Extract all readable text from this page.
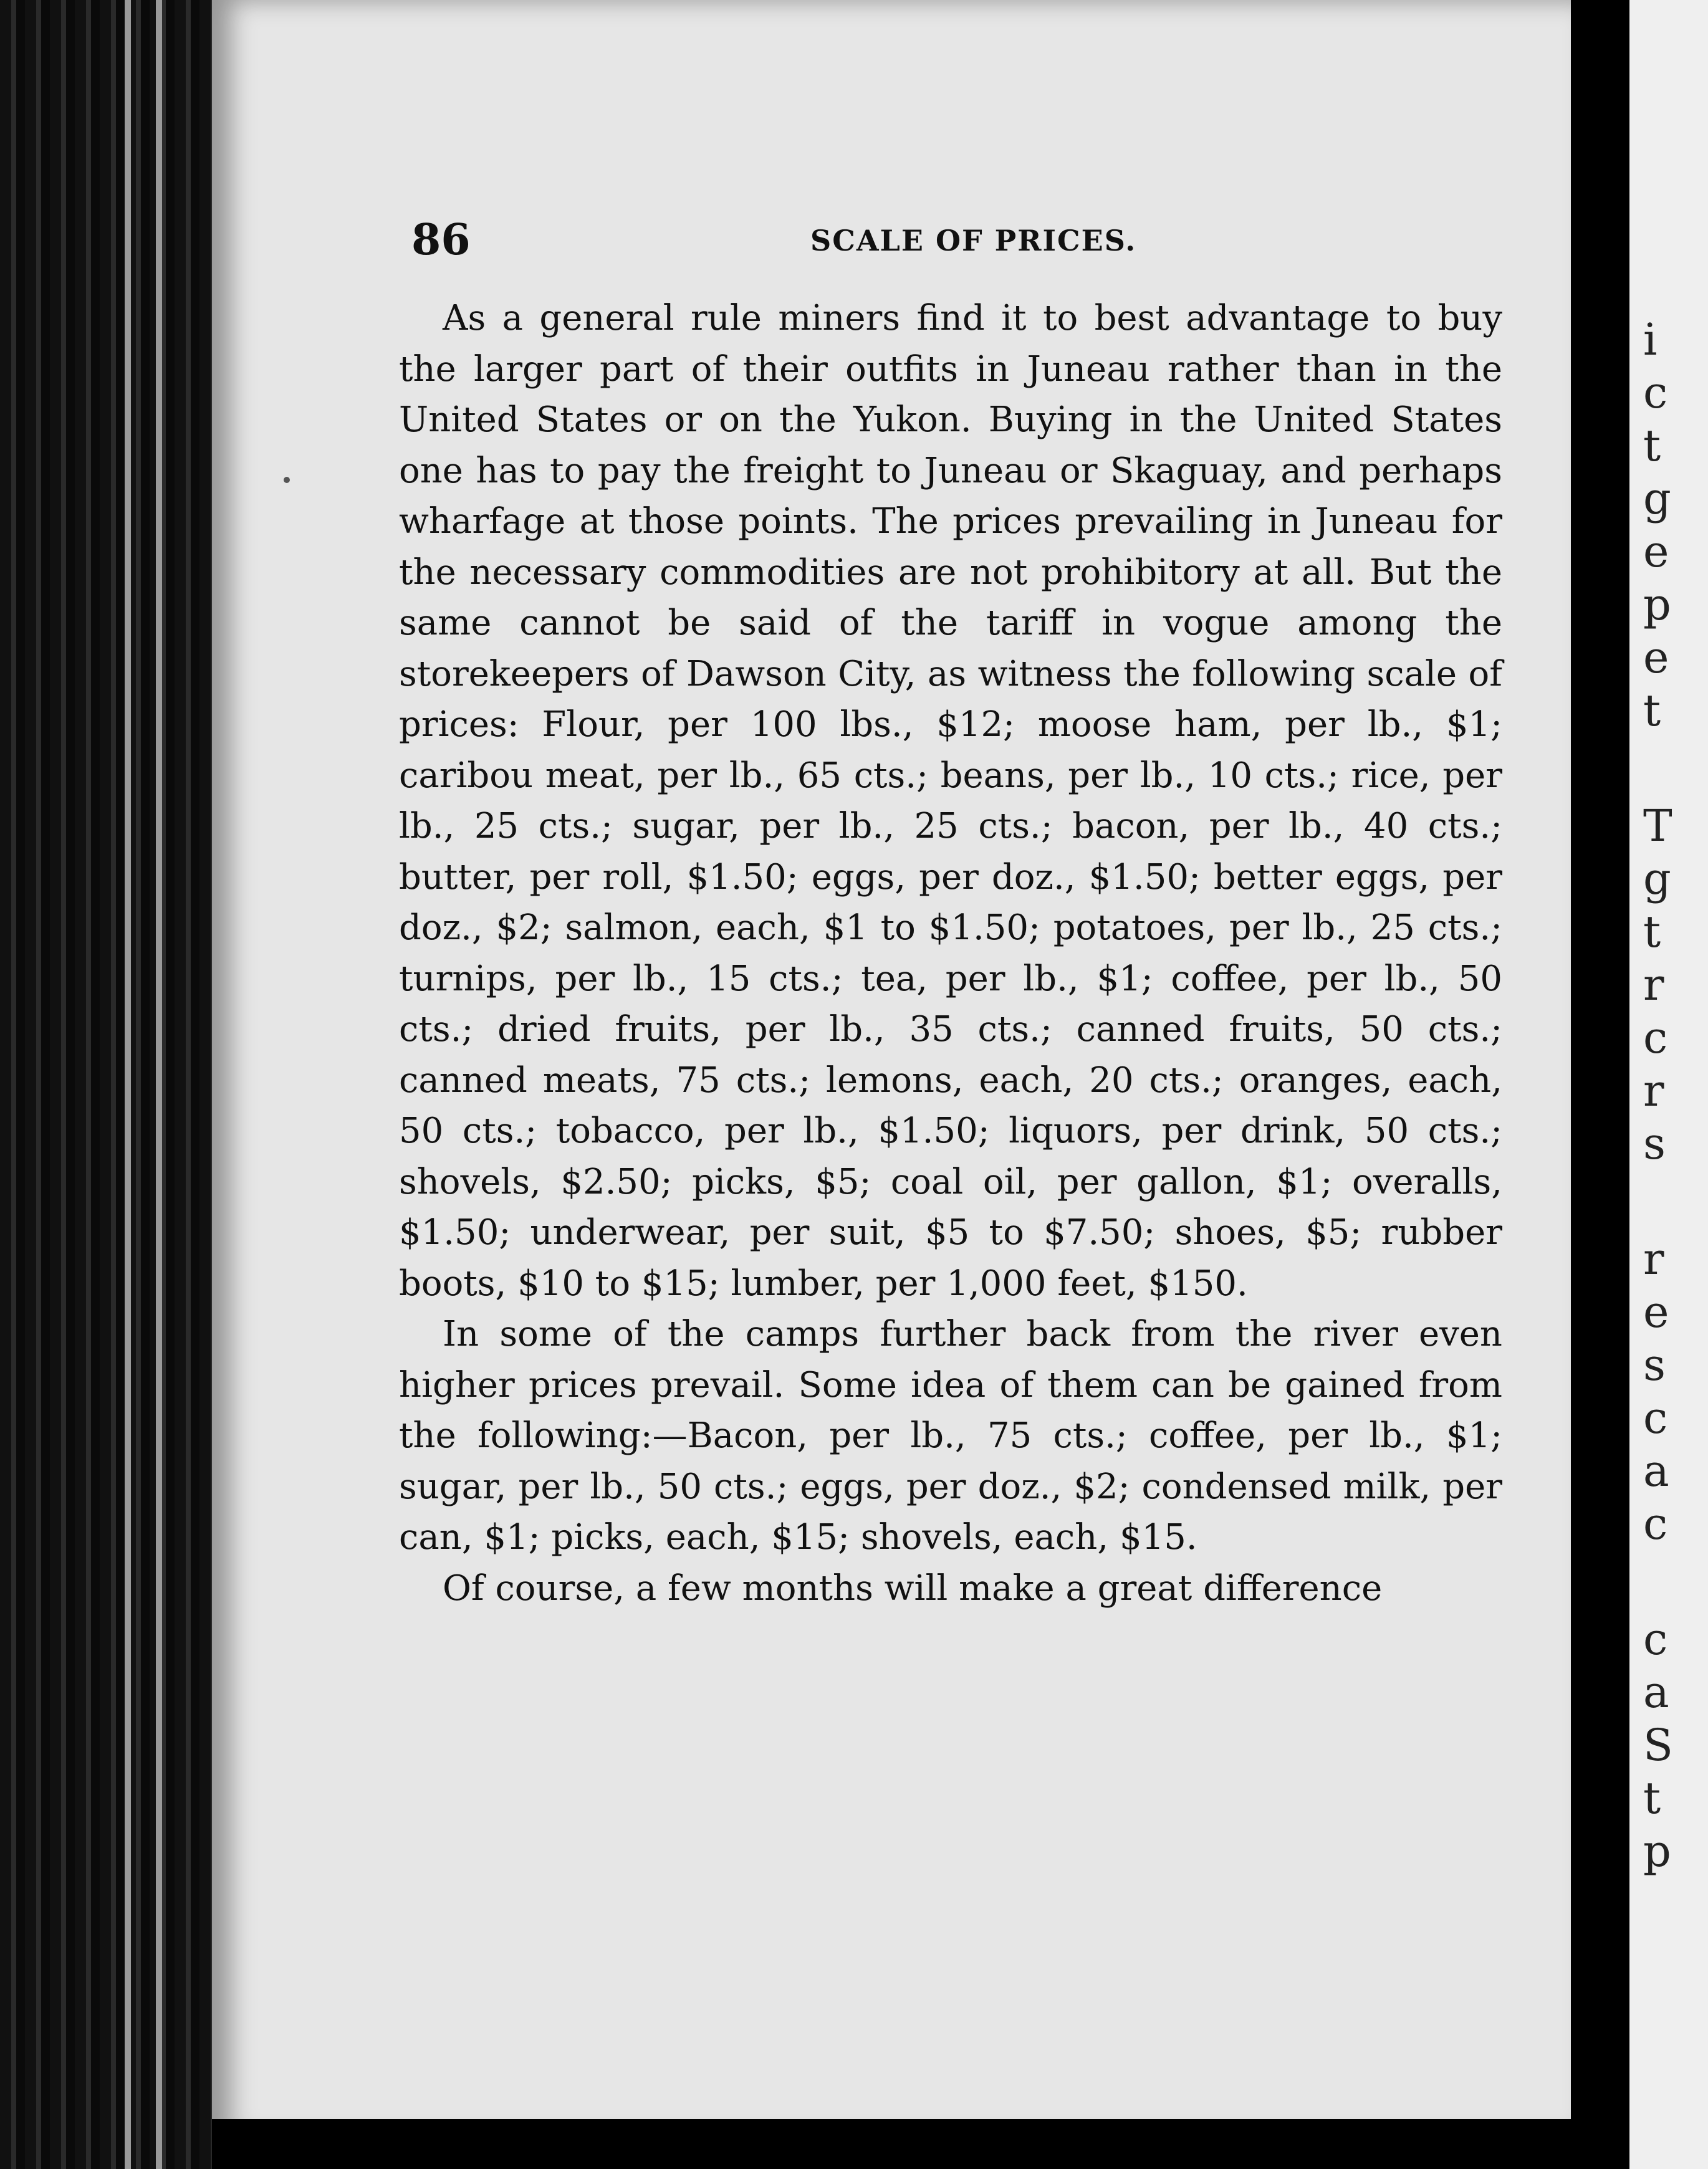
86	SCALE OF PRICES.

As a general rule miners find it to best advantage to buy the larger part of their outfits in Juneau rather than in the United States or on the Yukon. Buying in the United States one has to pay the freight to Juneau or Skaguay, and perhaps wharfage at those points. The prices prevailing in Juneau for the necessary commodities are not prohibitory at all. But the same cannot be said of the tariff in vogue among the storekeepers of Dawson City, as witness the following scale of prices: Flour, per 100 lbs., $12; moose ham, per lb., $1; caribou meat, per lb., 65 cts.; beans, per lb., 10 cts.; rice, per lb., 25 cts.; sugar, per lb., 25 cts.; bacon, per lb., 40 cts.; butter, per roll, $1.50; eggs, per doz., $1.50; better eggs, per doz., $2; salmon, each, $1 to $1.50; potatoes, per lb., 25 cts.; turnips, per lb., 15 cts.; tea, per lb., $1; coffee, per lb., 50 cts.; dried fruits, per lb., 35 cts.; canned fruits, 50 cts.; canned meats, 75 cts.; lemons, each, 20 cts.; oranges, each, 50 cts.; tobacco, per lb., $1.50; liquors, per drink, 50 cts.; shovels, $2.50; picks, $5; coal oil, per gallon, $1; overalls, $1.50; underwear, per suit, $5 to $7.50; shoes, $5; rubber boots, $10 to $15; lumber, per 1,000 feet, $150.

In some of the camps further back from the river even higher prices prevail. Some idea of them can be gained from the following:—Bacon, per lb., 75 cts.; coffee, per lb., $1; sugar, per lb., 50 cts.; eggs, per doz., $2; condensed milk, per can, $1; picks, each, $15; shovels, each, $15.

Of course, a few months will make a great difference

i
c
t
g
e
p
e
t
T
g
t
r
c
r
s
r
e
s
c
a
c
c
a
S
t
p
